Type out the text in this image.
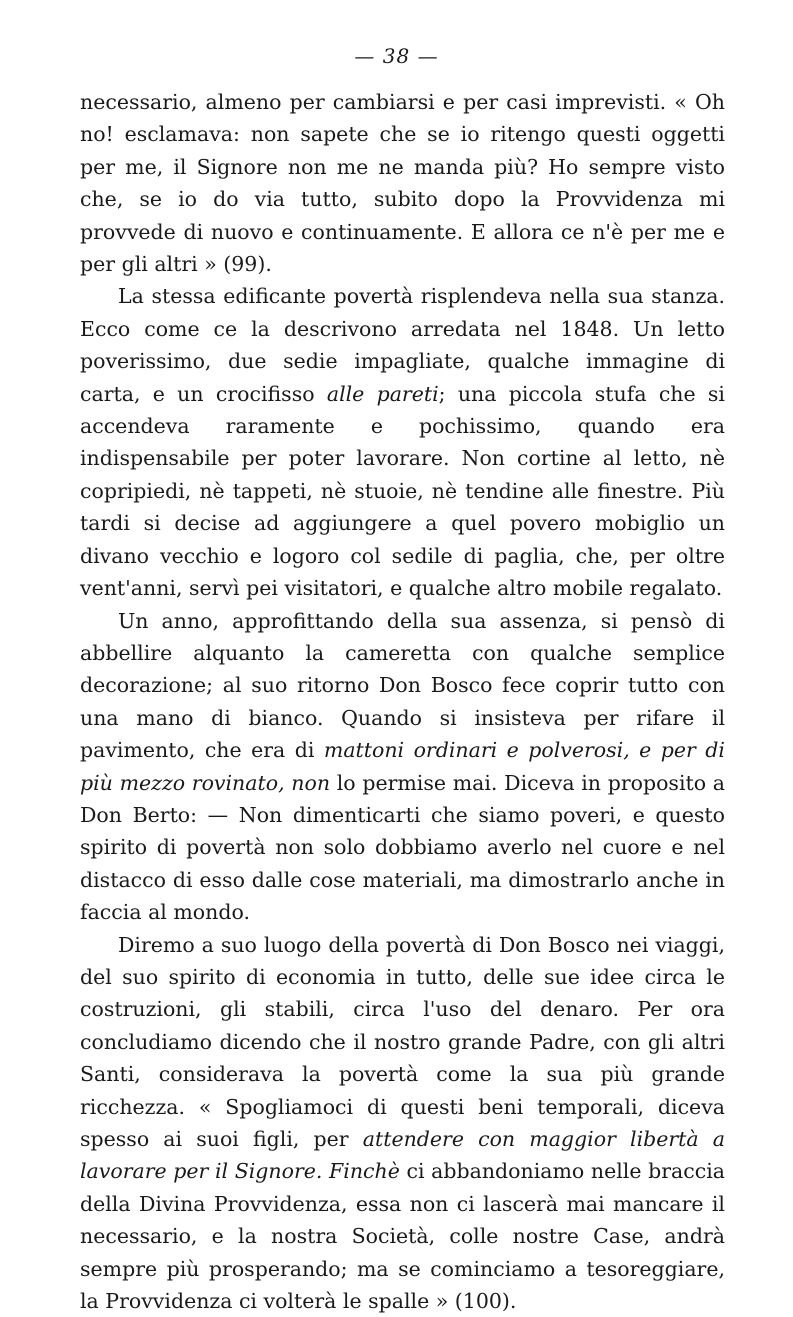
— 38 —

necessario, almeno per cambiarsi e per casi imprevisti. « Oh no! esclamava: non sapete che se io ritengo questi oggetti per me, il Signore non me ne manda più? Ho sempre visto che, se io do via tutto, subito dopo la Provvidenza mi provvede di nuovo e continuamente. E allora ce n'è per me e per gli altri » (99).

La stessa edificante povertà risplendeva nella sua stanza. Ecco come ce la descrivono arredata nel 1848. Un letto poverissimo, due sedie impagliate, qualche immagine di carta, e un crocifisso alle pareti; una piccola stufa che si accendeva raramente e pochissimo, quando era indispensabile per poter lavorare. Non cortine al letto, nè copripiedi, nè tappeti, nè stuoie, nè tendine alle finestre. Più tardi si decise ad aggiungere a quel povero mobiglio un divano vecchio e logoro col sedile di paglia, che, per oltre vent'anni, servì pei visitatori, e qualche altro mobile regalato.

Un anno, approfittando della sua assenza, si pensò di abbellire alquanto la cameretta con qualche semplice decorazione; al suo ritorno Don Bosco fece coprir tutto con una mano di bianco. Quando si insisteva per rifare il pavimento, che era di mattoni ordinari e polverosi, e per di più mezzo rovinato, non lo permise mai. Diceva in proposito a Don Berto: — Non dimenticarti che siamo poveri, e questo spirito di povertà non solo dobbiamo averlo nel cuore e nel distacco di esso dalle cose materiali, ma dimostrarlo anche in faccia al mondo.

Diremo a suo luogo della povertà di Don Bosco nei viaggi, del suo spirito di economia in tutto, delle sue idee circa le costruzioni, gli stabili, circa l'uso del denaro. Per ora concludiamo dicendo che il nostro grande Padre, con gli altri Santi, considerava la povertà come la sua più grande ricchezza. « Spogliamoci di questi beni temporali, diceva spesso ai suoi figli, per attendere con maggior libertà a lavorare per il Signore. Finchè ci abbandoniamo nelle braccia della Divina Provvidenza, essa non ci lascerà mai mancare il necessario, e la nostra Società, colle nostre Case, andrà sempre più prosperando; ma se cominciamo a tesoreggiare, la Provvidenza ci volterà le spalle » (100).
